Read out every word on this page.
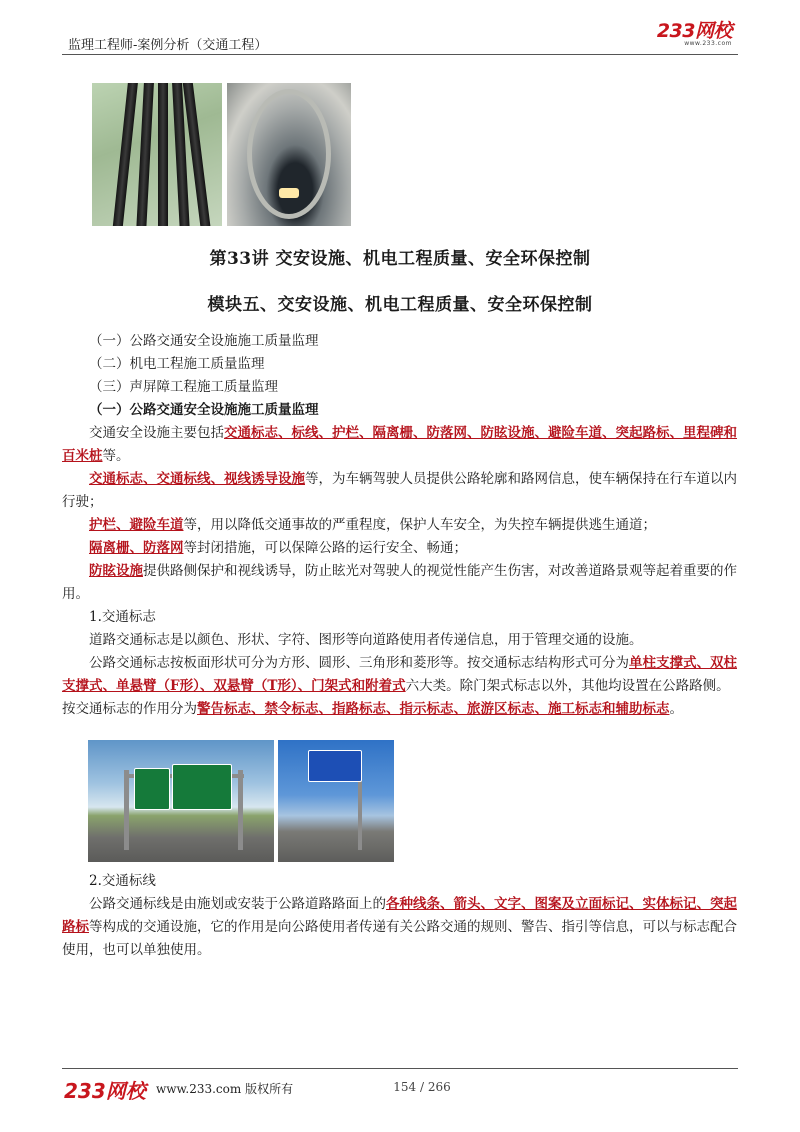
监理工程师-案例分析（交通工程）
233网校
www.233.com
第33讲 交安设施、机电工程质量、安全环保控制
模块五、交安设施、机电工程质量、安全环保控制

（一）公路交通安全设施施工质量监理

（二）机电工程施工质量监理

（三）声屏障工程施工质量监理

（一）公路交通安全设施施工质量监理

交通安全设施主要包括交通标志、标线、护栏、隔离栅、防落网、防眩设施、避险车道、突起路标、里程碑和百米桩等。

交通标志、交通标线、视线诱导设施等，为车辆驾驶人员提供公路轮廓和路网信息，使车辆保持在行车道以内行驶；

护栏、避险车道等，用以降低交通事故的严重程度，保护人车安全，为失控车辆提供逃生通道；

隔离栅、防落网等封闭措施，可以保障公路的运行安全、畅通；

防眩设施提供路侧保护和视线诱导，防止眩光对驾驶人的视觉性能产生伤害，对改善道路景观等起着重要的作用。

1.交通标志

道路交通标志是以颜色、形状、字符、图形等向道路使用者传递信息，用于管理交通的设施。

公路交通标志按板面形状可分为方形、圆形、三角形和菱形等。按交通标志结构形式可分为单柱支撑式、双柱支撑式、单悬臂（F形）、双悬臂（T形）、门架式和附着式六大类。除门架式标志以外，其他均设置在公路路侧。按交通标志的作用分为警告标志、禁令标志、指路标志、指示标志、旅游区标志、施工标志和辅助标志。

2.交通标线

公路交通标线是由施划或安装于公路道路路面上的各种线条、箭头、文字、图案及立面标记、实体标记、突起路标等构成的交通设施，它的作用是向公路使用者传递有关公路交通的规则、警告、指引等信息，可以与标志配合使用，也可以单独使用。

233网校 www.233.com 版权所有	154 / 266
